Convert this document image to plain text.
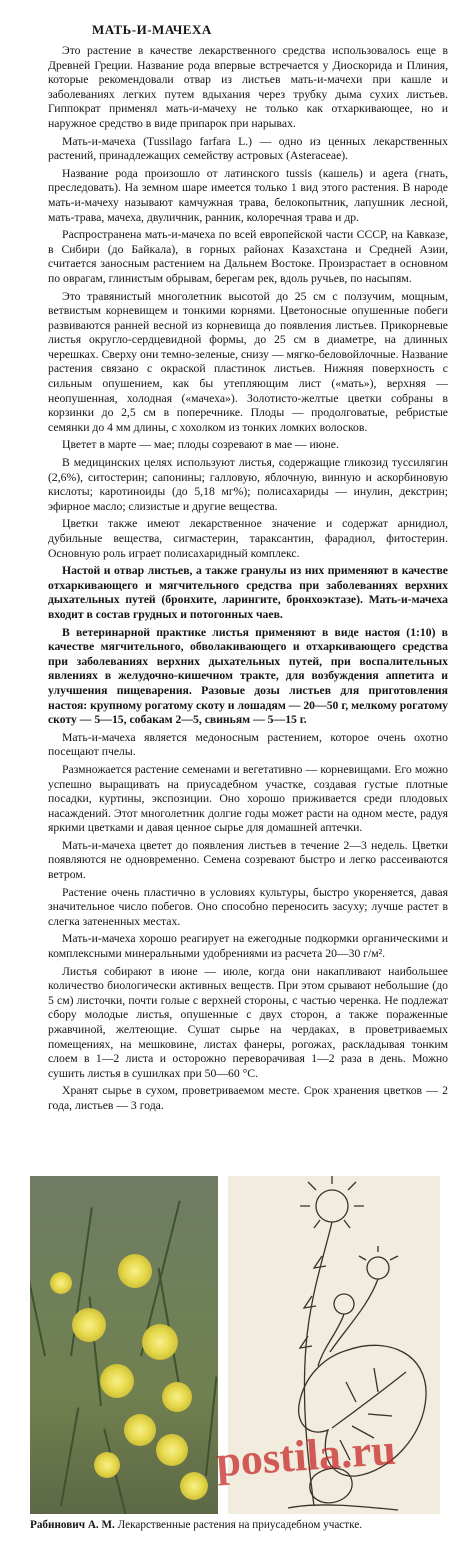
МАТЬ-И-МАЧЕХА

Это растение в качестве лекарственного средства использовалось еще в Древней Греции. Название рода впервые встречается у Диоскорида и Плиния, которые рекомендовали отвар из листьев мать-и-мачехи при кашле и заболеваниях легких путем вдыхания через трубку дыма сухих листьев. Гиппократ применял мать-и-мачеху не только как отхаркивающее, но и наружное средство в виде припарок при нарывах.

Мать-и-мачеха (Tussilago farfara L.) — одно из ценных лекарственных растений, принадлежащих семейству астровых (Asteraceae).

Название рода произошло от латинского tussis (кашель) и agera (гнать, преследовать). На земном шаре имеется только 1 вид этого растения. В народе мать-и-мачеху называют камчужная трава, белокопытник, лапушник лесной, мать-трава, мачеха, двуличник, ранник, колоречная трава и др.

Распространена мать-и-мачеха по всей европейской части СССР, на Кавказе, в Сибири (до Байкала), в горных районах Казахстана и Средней Азии, считается заносным растением на Дальнем Востоке. Произрастает в основном по оврагам, глинистым обрывам, берегам рек, вдоль ручьев, по насыпям.

Это травянистый многолетник высотой до 25 см с ползучим, мощным, ветвистым корневищем и тонкими корнями. Цветоносные опушенные побеги развиваются ранней весной из корневища до появления листьев. Прикорневые листья округло-сердцевидной формы, до 25 см в диаметре, на длинных черешках. Сверху они темно-зеленые, снизу — мягко-беловойлочные. Название растения связано с окраской пластинок листьев. Нижняя поверхность с сильным опушением, как бы утепляющим лист («мать»), верхняя — неопушенная, холодная («мачеха»). Золотисто-желтые цветки собраны в корзинки до 2,5 см в поперечнике. Плоды — продолговатые, ребристые семянки до 4 мм длины, с хохолком из тонких ломких волосков.

Цветет в марте — мае; плоды созревают в мае — июне.

В медицинских целях используют листья, содержащие гликозид туссилягин (2,6%), ситостерин; сапонины; галловую, яблочную, винную и аскорбиновую кислоты; каротиноиды (до 5,18 мг%); полисахариды — инулин, декстрин; эфирное масло; слизистые и другие вещества.

Цветки также имеют лекарственное значение и содержат арнидиол, дубильные вещества, сигмастерин, тараксантин, фарадиол, фитостерин. Основную роль играет полисахаридный комплекс.

Настой и отвар листьев, а также гранулы из них применяют в качестве отхаркивающего и мягчительного средства при заболеваниях верхних дыхательных путей (бронхите, ларингите, бронхоэктазе). Мать-и-мачеха входит в состав грудных и потогонных чаев.

В ветеринарной практике листья применяют в виде настоя (1:10) в качестве мягчительного, обволакивающего и отхаркивающего средства при заболеваниях верхних дыхательных путей, при воспалительных явлениях в желудочно-кишечном тракте, для возбуждения аппетита и улучшения пищеварения. Разовые дозы листьев для приготовления настоя: крупному рогатому скоту и лошадям — 20—50 г, мелкому рогатому скоту — 5—15, собакам 2—5, свиньям — 5—15 г.

Мать-и-мачеха является медоносным растением, которое очень охотно посещают пчелы.

Размножается растение семенами и вегетативно — корневищами. Его можно успешно выращивать на приусадебном участке, создавая густые плотные посадки, куртины, экспозиции. Оно хорошо приживается среди плодовых насаждений. Этот многолетник долгие годы может расти на одном месте, радуя яркими цветками и давая ценное сырье для домашней аптечки.

Мать-и-мачеха цветет до появления листьев в течение 2—3 недель. Цветки появляются не одновременно. Семена созревают быстро и легко рассеиваются ветром.

Растение очень пластично в условиях культуры, быстро укореняется, давая значительное число побегов. Оно способно переносить засуху; лучше растет в слегка затененных местах.

Мать-и-мачеха хорошо реагирует на ежегодные подкормки органическими и комплексными минеральными удобрениями из расчета 20—30 г/м².

Листья собирают в июне — июле, когда они накапливают наибольшее количество биологически активных веществ. При этом срывают небольшие (до 5 см) листочки, почти голые с верхней стороны, с частью черенка. Не подлежат сбору молодые листья, опушенные с двух сторон, а также пораженные ржавчиной, желтеющие. Сушат сырье на чердаках, в проветриваемых помещениях, на мешковине, листах фанеры, рогожах, раскладывая тонким слоем в 1—2 листа и осторожно переворачивая 1—2 раза в день. Можно сушить листья в сушилках при 50—60 °С.

Хранят сырье в сухом, проветриваемом месте. Срок хранения цветков — 2 года, листьев — 3 года.

postila.ru
Рабинович А. М. Лекарственные растения на приусадебном участке.
